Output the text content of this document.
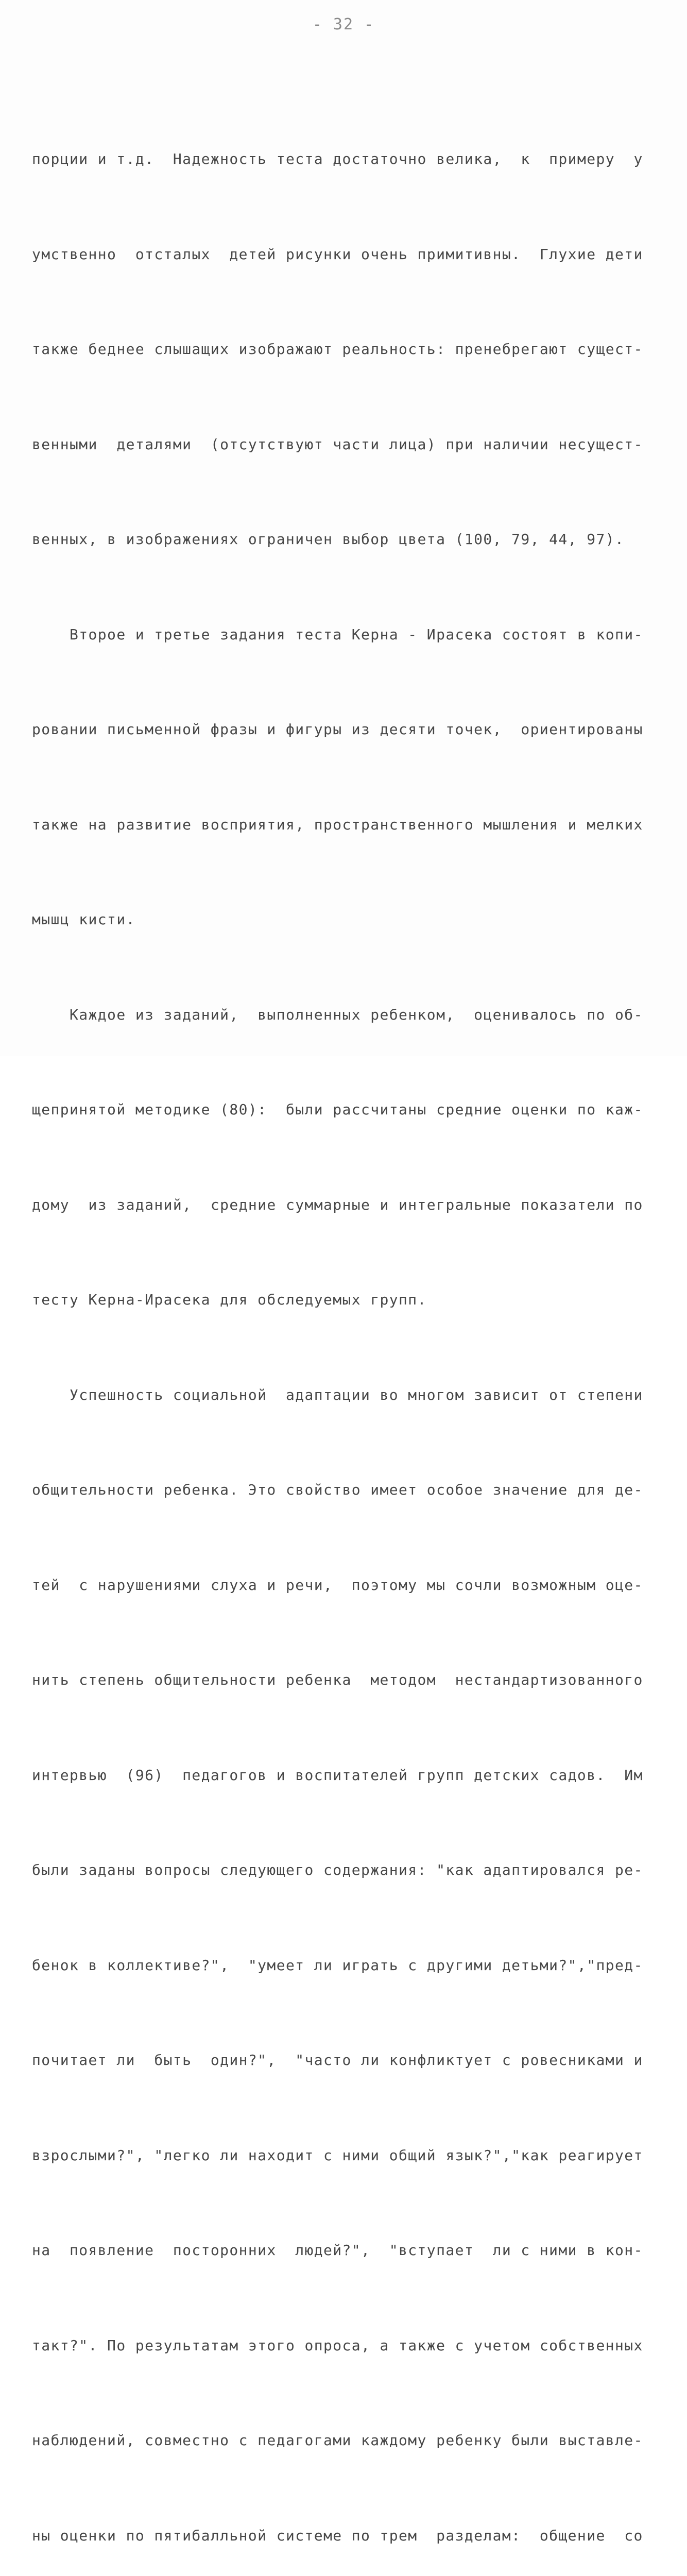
- 32 -

порции и т.д.  Надежность теста достаточно велика,  к  примеру  у

умственно  отсталых  детей рисунки очень примитивны.  Глухие дети

также беднее слышащих изображают реальность: пренебрегают сущест-

венными  деталями  (отсутствуют части лица) при наличии несущест-

венных, в изображениях ограничен выбор цвета (100, 79, 44, 97).

Второе и третье задания теста Керна - Ирасека состоят в копи-

ровании письменной фразы и фигуры из десяти точек,  ориентированы

также на развитие восприятия, пространственного мышления и мелких

мышц кисти.

Каждое из заданий,  выполненных ребенком,  оценивалось по об-

щепринятой методике (80):  были рассчитаны средние оценки по каж-

дому  из заданий,  средние суммарные и интегральные показатели по

тесту Керна-Ирасека для обследуемых групп.

Успешность социальной  адаптации во многом зависит от степени

общительности ребенка. Это свойство имеет особое значение для де-

тей  с нарушениями слуха и речи,  поэтому мы сочли возможным оце-

нить степень общительности ребенка  методом  нестандартизованного

интервью  (96)  педагогов и воспитателей групп детских садов.  Им

были заданы вопросы следующего содержания: "как адаптировался ре-

бенок в коллективе?",  "умеет ли играть с другими детьми?","пред-

почитает ли  быть  один?",  "часто ли конфликтует с ровесниками и

взрослыми?", "легко ли находит с ними общий язык?","как реагирует

на  появление  посторонних  людей?",  "вступает  ли с ними в кон-

такт?". По результатам этого опроса, а также с учетом собственных

наблюдений, совместно с педагогами каждому ребенку были выставле-

ны оценки по пятибалльной системе по трем  разделам:  общение  со
